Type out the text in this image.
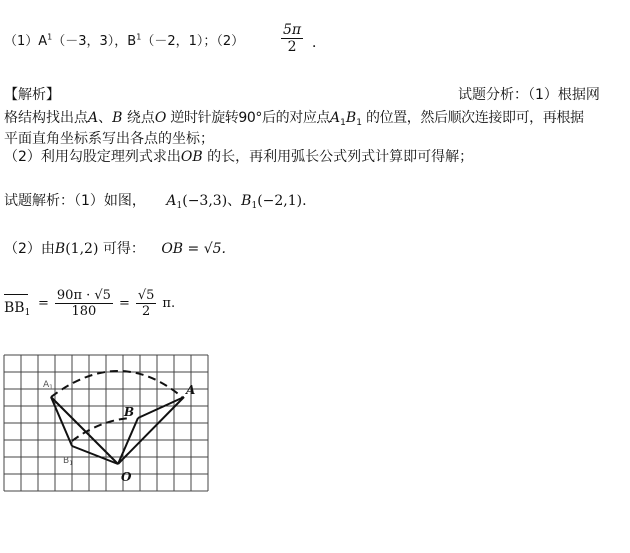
$(1)A^1(-3$，3），$B^1(-2$，1）；（2）	$\frac{5\pi}{2}$ ．
【解析】	试题分析：（1）根据网
格结构找出点A、B 绕点O 逆时针旋转90°后的对应点$A_1B_1$ 的位置，然后顺次连接即可，再根据
平面直角坐标系写出各点的坐标；
（2）利用勾股定理列式求出OB 的长，再利用弧长公式列式计算即可得解；
试题解析：（1）如图， $A_1(-3,3)$、$B_1(-2,1)$.
（2）由B(1,2) 可得： OB = √5.
$BB_1$
= $\frac{90\pi \cdot √5}{180} = \frac{√5}{2} \pi$.
$A_1$
B
A
$B_1$
O
